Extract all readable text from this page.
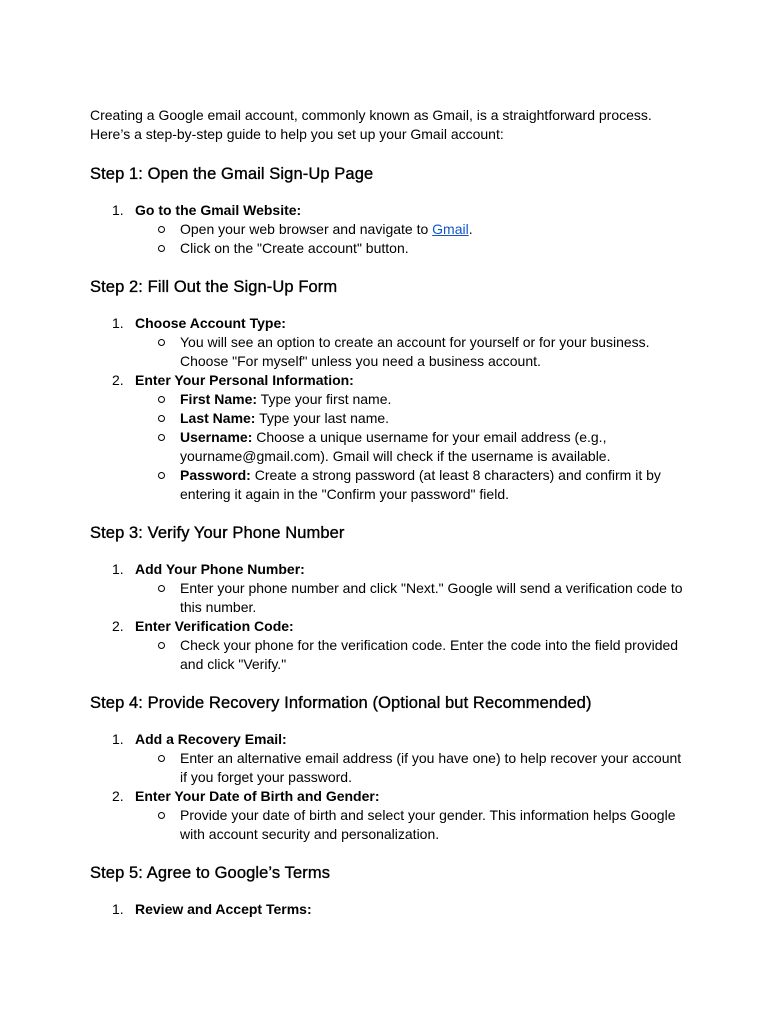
Creating a Google email account, commonly known as Gmail, is a straightforward process. Here’s a step-by-step guide to help you set up your Gmail account:

Step 1: Open the Gmail Sign-Up Page
1. Go to the Gmail Website:
Open your web browser and navigate to Gmail.
Click on the "Create account" button.
Step 2: Fill Out the Sign-Up Form
1. Choose Account Type:
You will see an option to create an account for yourself or for your business. Choose "For myself" unless you need a business account.
2. Enter Your Personal Information:
First Name: Type your first name.
Last Name: Type your last name.
Username: Choose a unique username for your email address (e.g., yourname@gmail.com). Gmail will check if the username is available.
Password: Create a strong password (at least 8 characters) and confirm it by entering it again in the "Confirm your password" field.
Step 3: Verify Your Phone Number
1. Add Your Phone Number:
Enter your phone number and click "Next." Google will send a verification code to this number.
2. Enter Verification Code:
Check your phone for the verification code. Enter the code into the field provided and click "Verify."
Step 4: Provide Recovery Information (Optional but Recommended)
1. Add a Recovery Email:
Enter an alternative email address (if you have one) to help recover your account if you forget your password.
2. Enter Your Date of Birth and Gender:
Provide your date of birth and select your gender. This information helps Google with account security and personalization.
Step 5: Agree to Google’s Terms
1. Review and Accept Terms:
